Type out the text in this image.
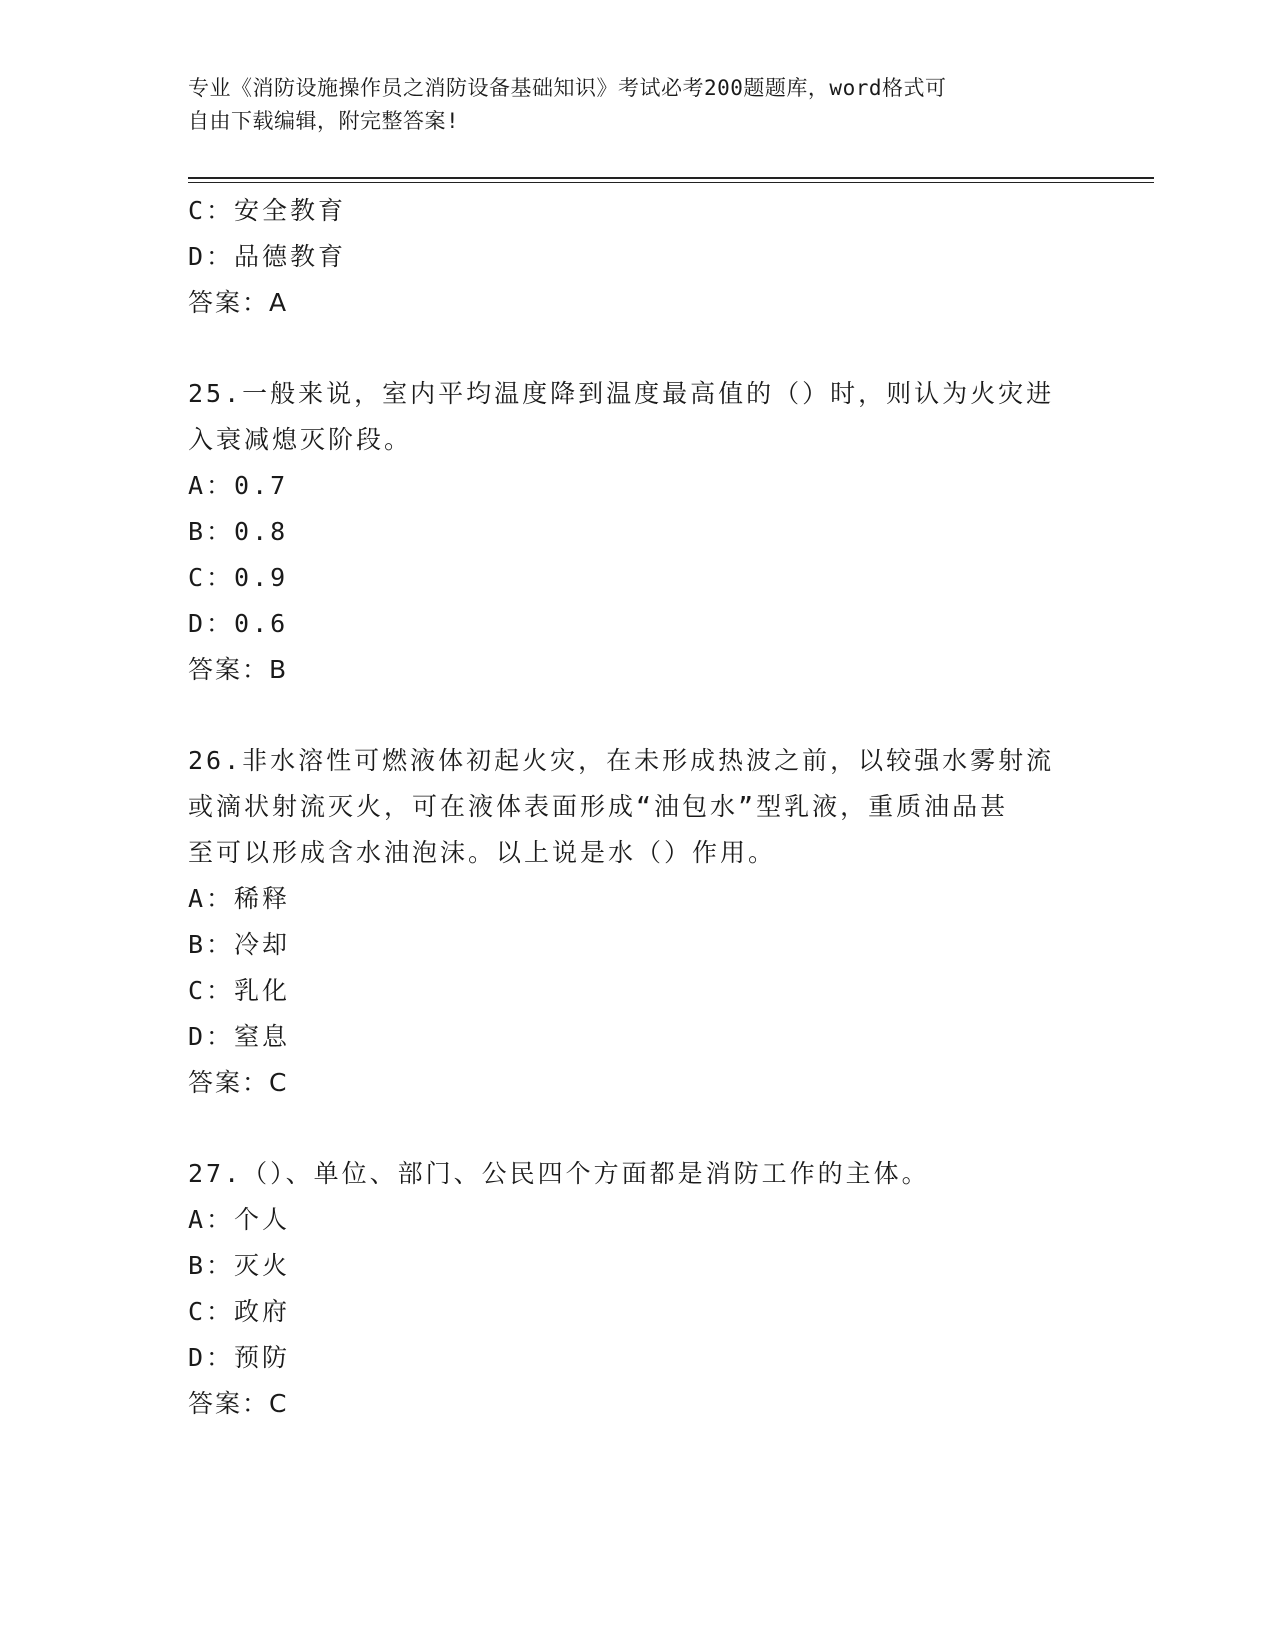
专业《消防设施操作员之消防设备基础知识》考试必考200题题库，word格式可
自由下载编辑，附完整答案!
C：安全教育
D：品德教育
答案：A
25.一般来说，室内平均温度降到温度最高值的（）时，则认为火灾进
入衰减熄灭阶段。
A：0.7
B：0.8
C：0.9
D：0.6
答案：B
26.非水溶性可燃液体初起火灾，在未形成热波之前，以较强水雾射流
或滴状射流灭火，可在液体表面形成“油包水”型乳液，重质油品甚
至可以形成含水油泡沫。以上说是水（）作用。
A：稀释
B：冷却
C：乳化
D：窒息
答案：C
27.（）、单位、部门、公民四个方面都是消防工作的主体。
A：个人
B：灭火
C：政府
D：预防
答案：C
